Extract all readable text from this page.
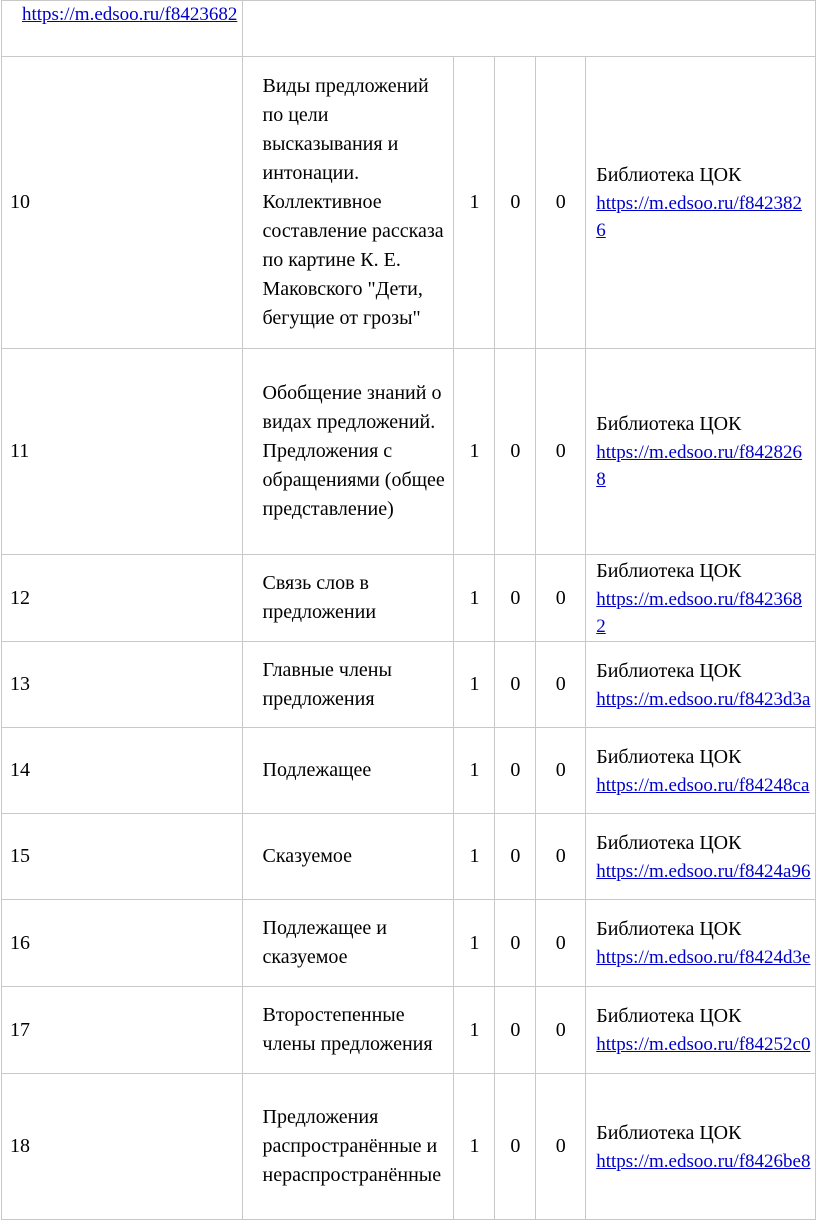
https://m.edsoo.ru/f8423682					

10	Виды предложений по цели высказывания и интонации. Коллективное составление рассказа по картине К. Е. Маковского "Дети, бегущие от грозы"	1	0	0	Библиотека ЦОК
https://m.edsoo.ru/f8423826

11	Обобщение знаний о видах предложений. Предложения с обращениями (общее представление)	1	0	0	Библиотека ЦОК
https://m.edsoo.ru/f8428268

12	Связь слов в предложении	1	0	0	Библиотека ЦОК
https://m.edsoo.ru/f8423682

13	Главные члены предложения	1	0	0	Библиотека ЦОК
https://m.edsoo.ru/f8423d3a

14	Подлежащее	1	0	0	Библиотека ЦОК
https://m.edsoo.ru/f84248ca

15	Сказуемое	1	0	0	Библиотека ЦОК
https://m.edsoo.ru/f8424a96

16	Подлежащее и сказуемое	1	0	0	Библиотека ЦОК
https://m.edsoo.ru/f8424d3e

17	Второстепенные члены предложения	1	0	0	Библиотека ЦОК
https://m.edsoo.ru/f84252c0

18	Предложения распространённые и нераспространённые	1	0	0	Библиотека ЦОК
https://m.edsoo.ru/f8426be8
